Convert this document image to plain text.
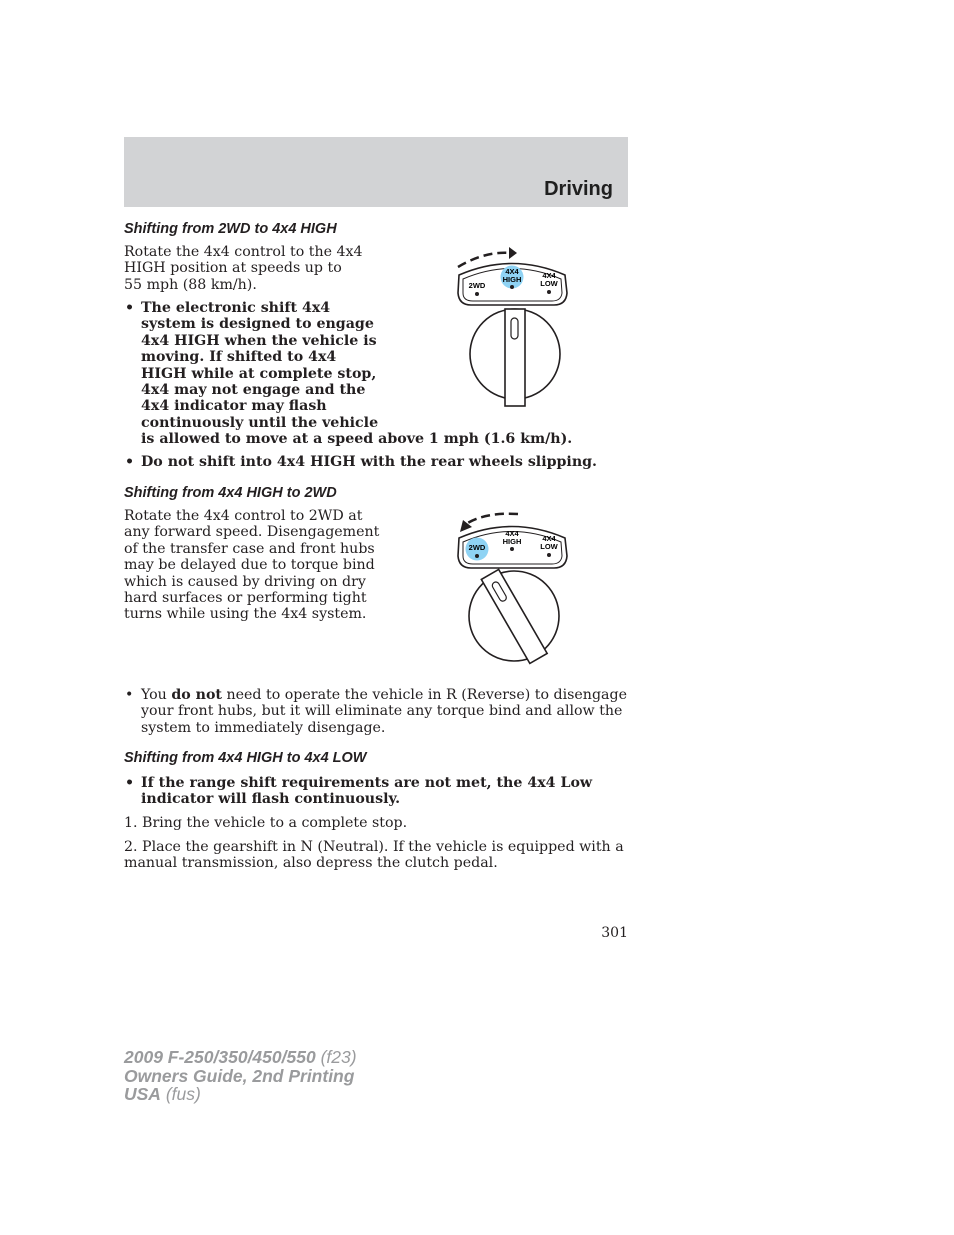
Driving
Shifting from 2WD to 4x4 HIGH

Rotate the 4x4 control to the 4x4
HIGH position at speeds up to
55 mph (88 km/h).

• The electronic shift 4x4
system is designed to engage
4x4 HIGH when the vehicle is
moving. If shifted to 4x4
HIGH while at complete stop,
4x4 may not engage and the
4x4 indicator may flash
continuously until the vehicle
is allowed to move at a speed above 1 mph (1.6 km/h).

• Do not shift into 4x4 HIGH with the rear wheels slipping.

2WD
4X4
HIGH	4X4
LOW
Shifting from 4x4 HIGH to 2WD

Rotate the 4x4 control to 2WD at
any forward speed. Disengagement
of the transfer case and front hubs
may be delayed due to torque bind
which is caused by driving on dry
hard surfaces or performing tight
turns while using the 4x4 system.

2WD
4X4
HIGH	4X4
LOW

• You do not need to operate the vehicle in R (Reverse) to disengage
your front hubs, but it will eliminate any torque bind and allow the
system to immediately disengage.

Shifting from 4x4 HIGH to 4x4 LOW

• If the range shift requirements are not met, the 4x4 Low
indicator will flash continuously.

1. Bring the vehicle to a complete stop.

2. Place the gearshift in N (Neutral). If the vehicle is equipped with a
manual transmission, also depress the clutch pedal.

301
2009 F-250/350/450/550 (f23)
Owners Guide, 2nd Printing
USA (fus)
